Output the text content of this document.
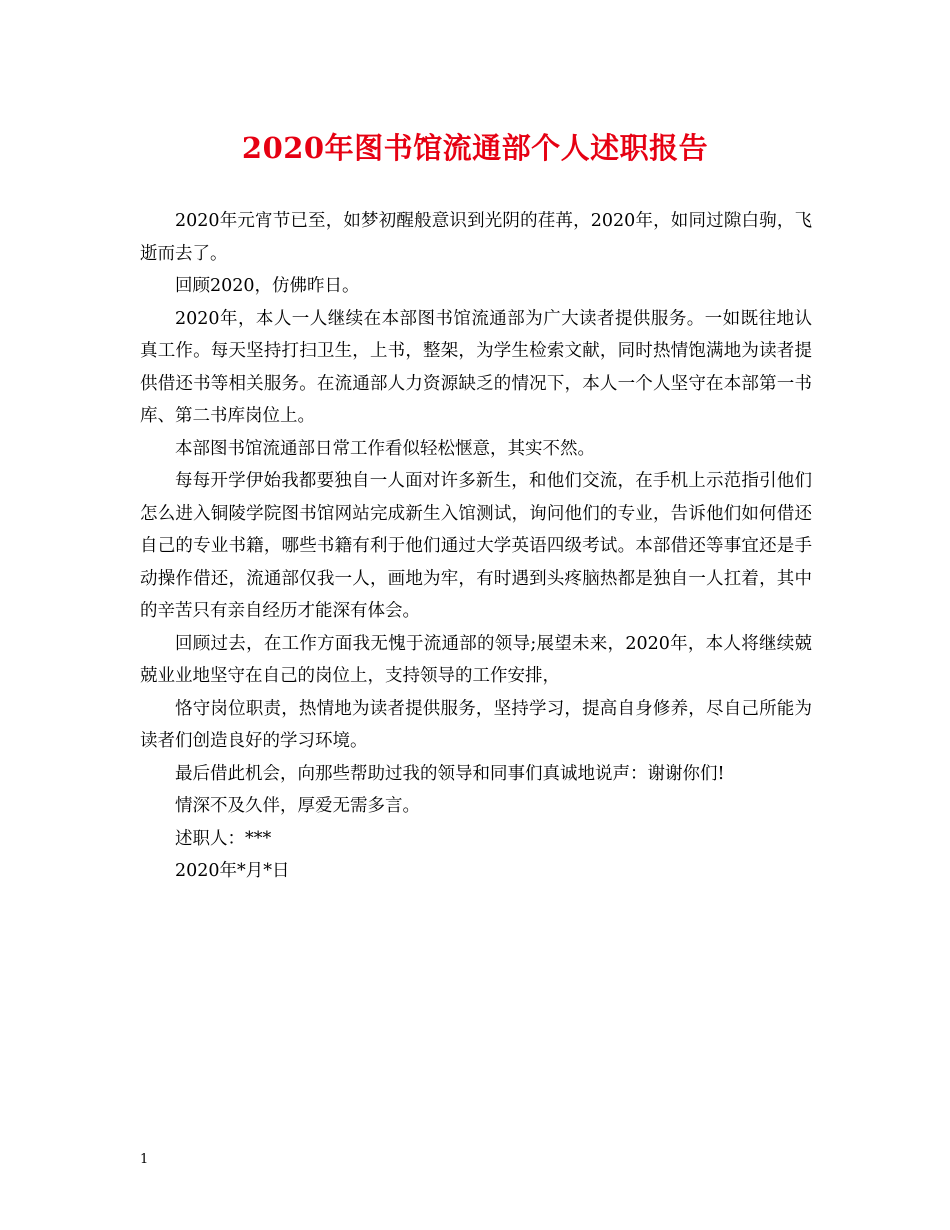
2020年图书馆流通部个人述职报告

2020年元宵节已至，如梦初醒般意识到光阴的荏苒，2020年，如同过隙白驹，飞逝而去了。

回顾2020，仿佛昨日。

2020年，本人一人继续在本部图书馆流通部为广大读者提供服务。一如既往地认真工作。每天坚持打扫卫生，上书，整架，为学生检索文献，同时热情饱满地为读者提供借还书等相关服务。在流通部人力资源缺乏的情况下，本人一个人坚守在本部第一书库、第二书库岗位上。

本部图书馆流通部日常工作看似轻松惬意，其实不然。

每每开学伊始我都要独自一人面对许多新生，和他们交流，在手机上示范指引他们怎么进入铜陵学院图书馆网站完成新生入馆测试，询问他们的专业，告诉他们如何借还自己的专业书籍，哪些书籍有利于他们通过大学英语四级考试。本部借还等事宜还是手动操作借还，流通部仅我一人，画地为牢，有时遇到头疼脑热都是独自一人扛着，其中的辛苦只有亲自经历才能深有体会。

回顾过去，在工作方面我无愧于流通部的领导;展望未来，2020年，本人将继续兢兢业业地坚守在自己的岗位上，支持领导的工作安排，

恪守岗位职责，热情地为读者提供服务，坚持学习，提高自身修养，尽自己所能为读者们创造良好的学习环境。

最后借此机会，向那些帮助过我的领导和同事们真诚地说声：谢谢你们!

情深不及久伴，厚爱无需多言。

述职人：***

2020年*月*日

1
